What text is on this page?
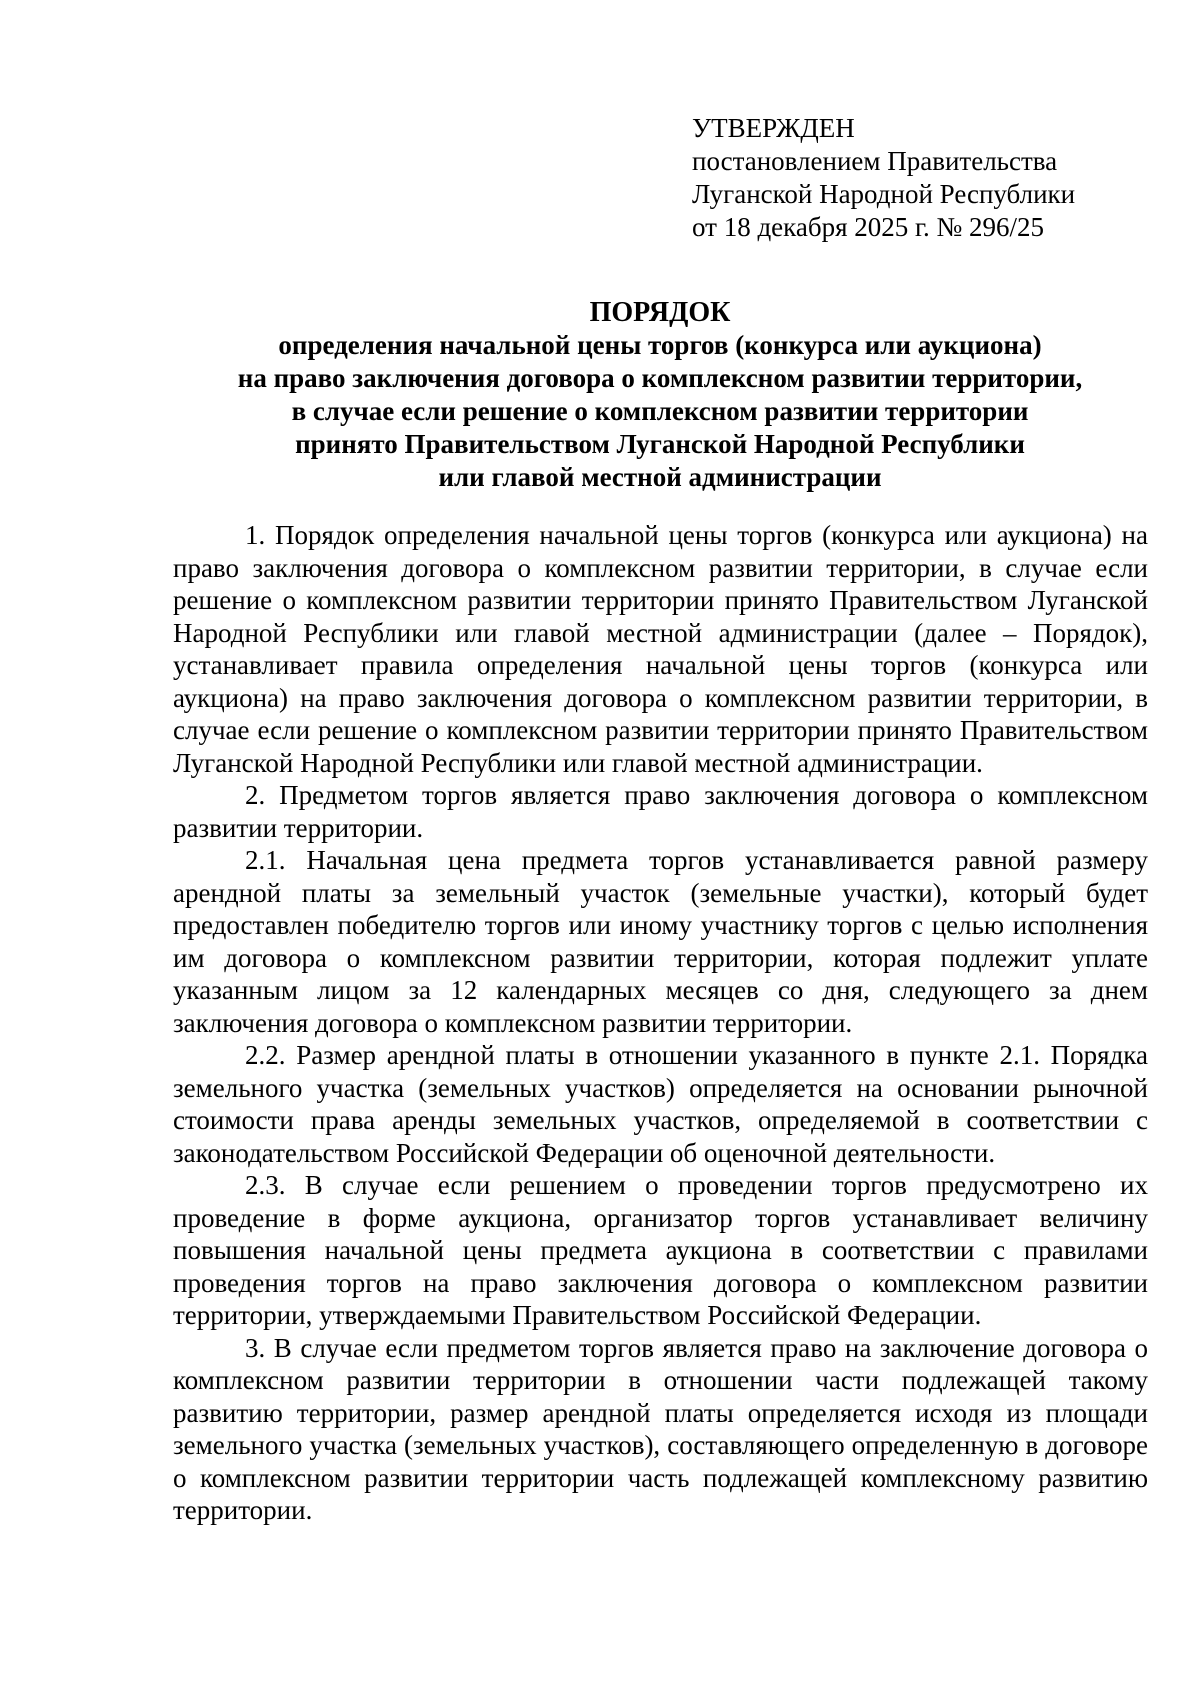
УТВЕРЖДЕН
постановлением Правительства
Луганской Народной Республики
от 18 декабря 2025 г. № 296/25
ПОРЯДОК
определения начальной цены торгов (конкурса или аукциона)
на право заключения договора о комплексном развитии территории,
в случае если решение о комплексном развитии территории
принято Правительством Луганской Народной Республики
или главой местной администрации

1. Порядок определения начальной цены торгов (конкурса или аукциона) на право заключения договора о комплексном развитии территории, в случае если решение о комплексном развитии территории принято Правительством Луганской Народной Республики или главой местной администрации (далее – Порядок), устанавливает правила определения начальной цены торгов (конкурса или аукциона) на право заключения договора о комплексном развитии территории, в случае если решение о комплексном развитии территории принято Правительством Луганской Народной Республики или главой местной администрации.

2. Предметом торгов является право заключения договора о комплексном развитии территории.

2.1. Начальная цена предмета торгов устанавливается равной размеру арендной платы за земельный участок (земельные участки), который будет предоставлен победителю торгов или иному участнику торгов с целью исполнения им договора о комплексном развитии территории, которая подлежит уплате указанным лицом за 12 календарных месяцев со дня, следующего за днем заключения договора о комплексном развитии территории.

2.2. Размер арендной платы в отношении указанного в пункте 2.1. Порядка земельного участка (земельных участков) определяется на основании рыночной стоимости права аренды земельных участков, определяемой в соответствии с законодательством Российской Федерации об оценочной деятельности.

2.3. В случае если решением о проведении торгов предусмотрено их проведение в форме аукциона, организатор торгов устанавливает величину повышения начальной цены предмета аукциона в соответствии с правилами проведения торгов на право заключения договора о комплексном развитии территории, утверждаемыми Правительством Российской Федерации.

3. В случае если предметом торгов является право на заключение договора о комплексном развитии территории в отношении части подлежащей такому развитию территории, размер арендной платы определяется исходя из площади земельного участка (земельных участков), составляющего определенную в договоре о комплексном развитии территории часть подлежащей комплексному развитию территории.
